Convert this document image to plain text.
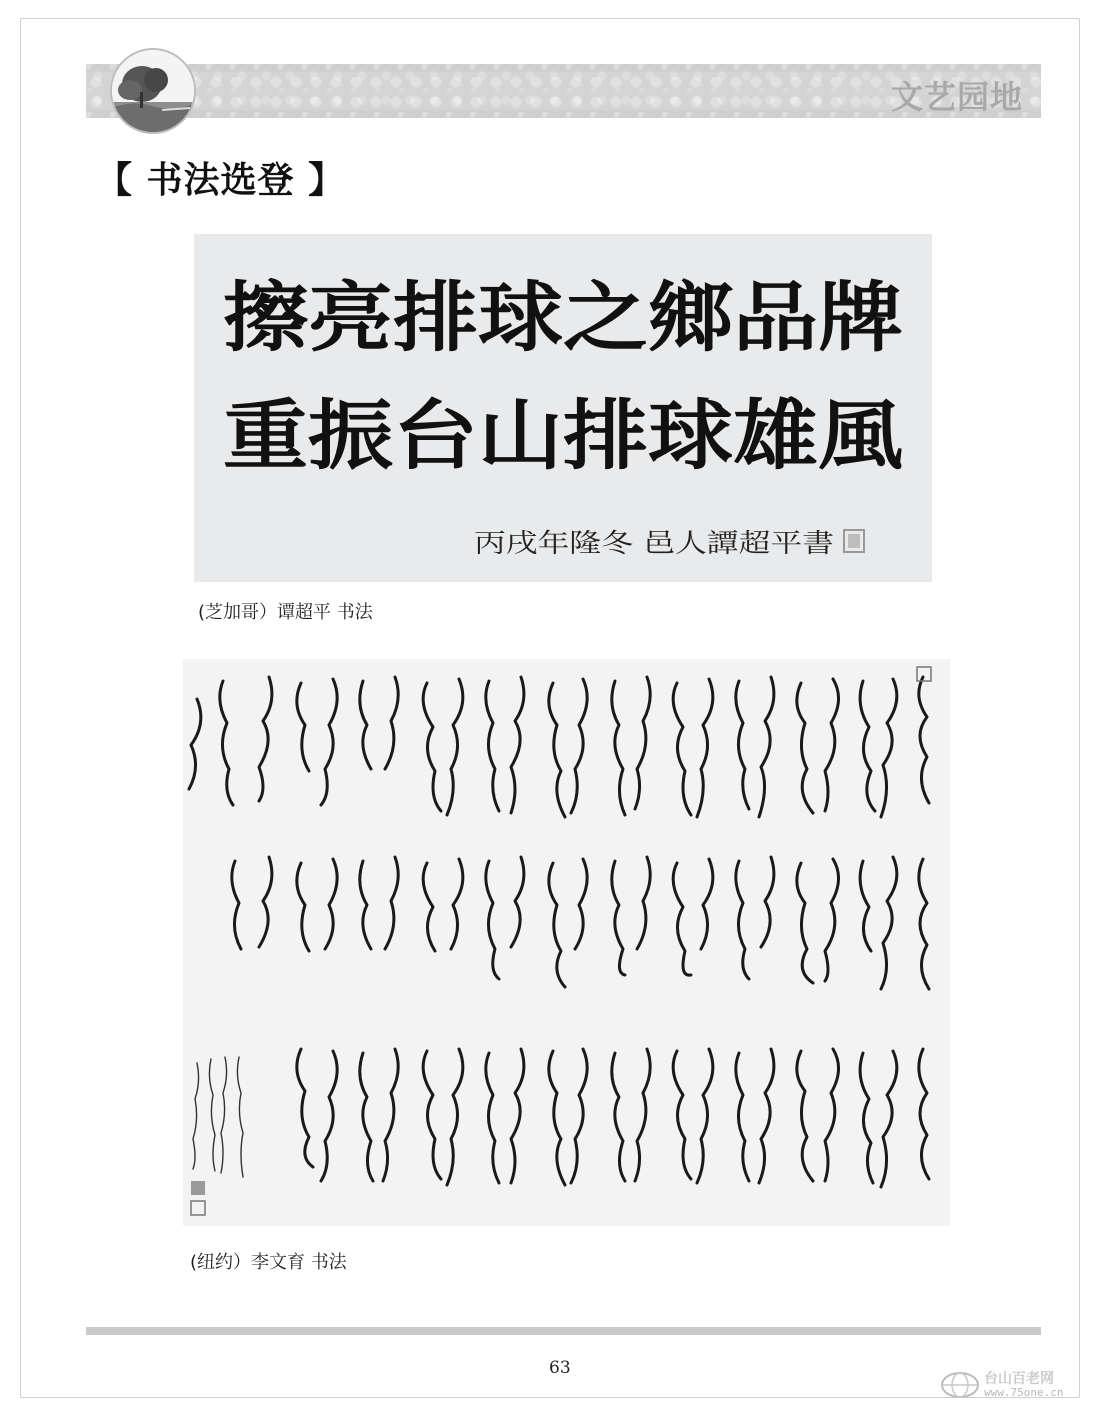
文艺园地
【 书法选登 】
擦亮排球之鄉品牌
重振台山排球雄風
丙戌年隆冬 邑人譚超平書
(芝加哥）谭超平 书法
(纽约）李文育 书法
63
台山百老网
www.75one.cn
